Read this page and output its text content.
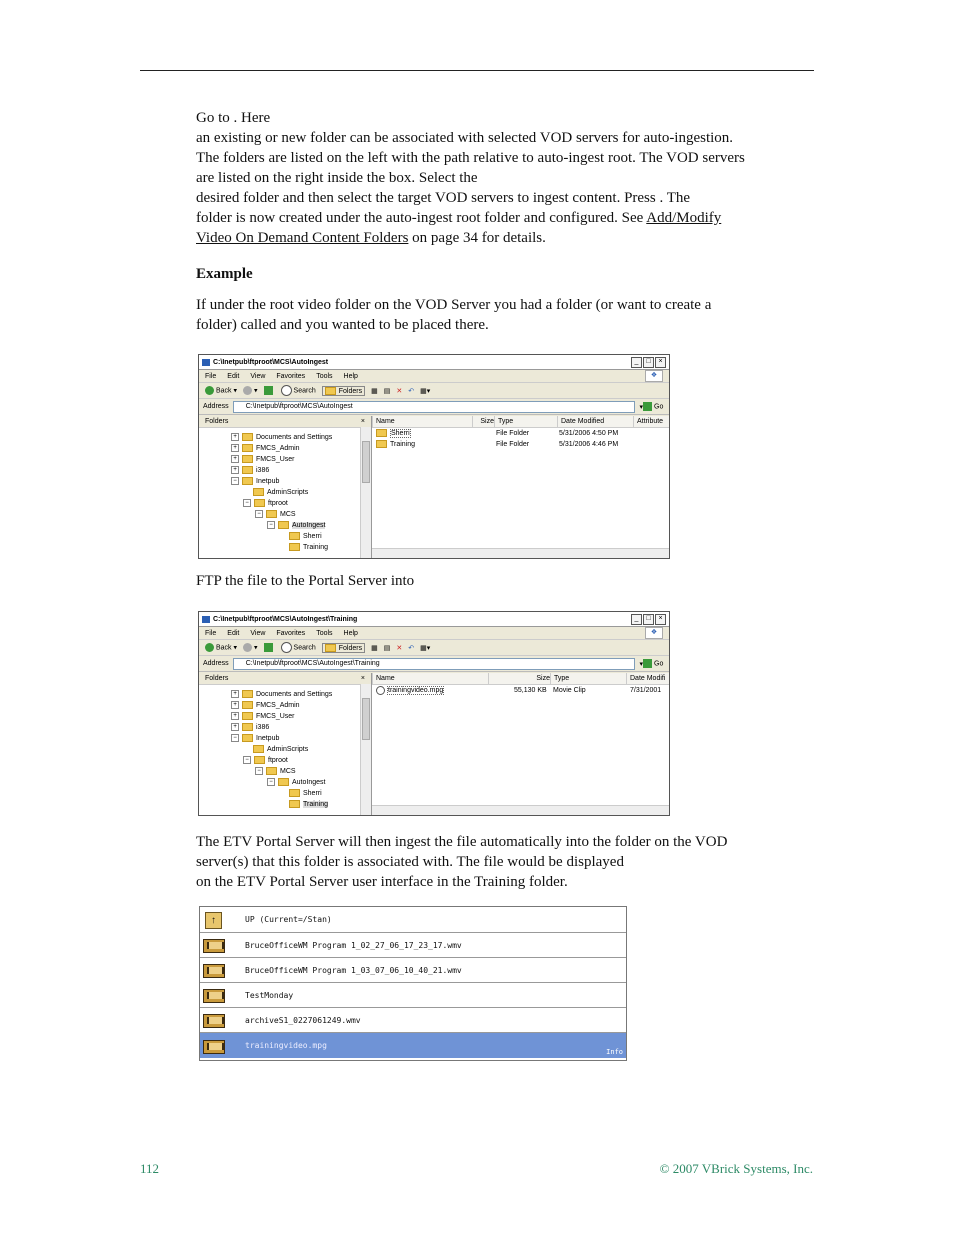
Go to . Here

an existing or new folder can be associated with selected VOD servers for auto-ingestion.

The folders are listed on the left with the path relative to auto-ingest root. The VOD servers

are listed on the right inside the box. Select the

desired folder and then select the target VOD servers to ingest content. Press . The

folder is now created under the auto-ingest root folder and configured. See Add/Modify

Video On Demand Content Folders on page 34 for details.

Example

If under the root video folder on the VOD Server you had a folder (or want to create a

folder) called and you wanted to be placed there.

C:\Inetpub\ftproot\MCS\AutoIngest	_	□	×
File Edit View Favorites Tools Help	❖
Back ▾	▾	Search	Folders	▦ ▤ ✕ ↶ ▦▾
Address	C:\Inetpub\ftproot\MCS\AutoIngest	▾	Go
Folders	×
+	Documents and Settings
+	FMCS_Admin
+	FMCS_User
+	i386
−	Inetpub
AdminScripts
−	ftproot
−	MCS
−	AutoIngest
Sherri
Training
Name	Size Type	Date Modified	Attribute
Sherri	File Folder	5/31/2006 4:50 PM
Training	File Folder	5/31/2006 4:46 PM

FTP the file to the Portal Server into

C:\Inetpub\ftproot\MCS\AutoIngest\Training	_	□	×
File Edit View Favorites Tools Help	❖
Back ▾	▾	Search	Folders	▦ ▤ ✕ ↶ ▦▾
Address	C:\Inetpub\ftproot\MCS\AutoIngest\Training	▾	Go
Folders	×
+	Documents and Settings
+	FMCS_Admin
+	FMCS_User
+	i386
−	Inetpub
AdminScripts
−	ftproot
−	MCS
−	AutoIngest
Sherri
Training
Name	Size Type	Date Modifi
trainingvideo.mpg	55,130 KB Movie Clip	7/31/2001

The ETV Portal Server will then ingest the file automatically into the folder on the VOD

server(s) that this folder is associated with. The file would be displayed

on the ETV Portal Server user interface in the Training folder.

↑	UP (Current=/Stan)
BruceOfficeWM Program 1_02_27_06_17_23_17.wmv
BruceOfficeWM Program 1_03_07_06_10_40_21.wmv
TestMonday
archiveS1_0227061249.wmv
trainingvideo.mpg
Info
112	© 2007 VBrick Systems, Inc.
